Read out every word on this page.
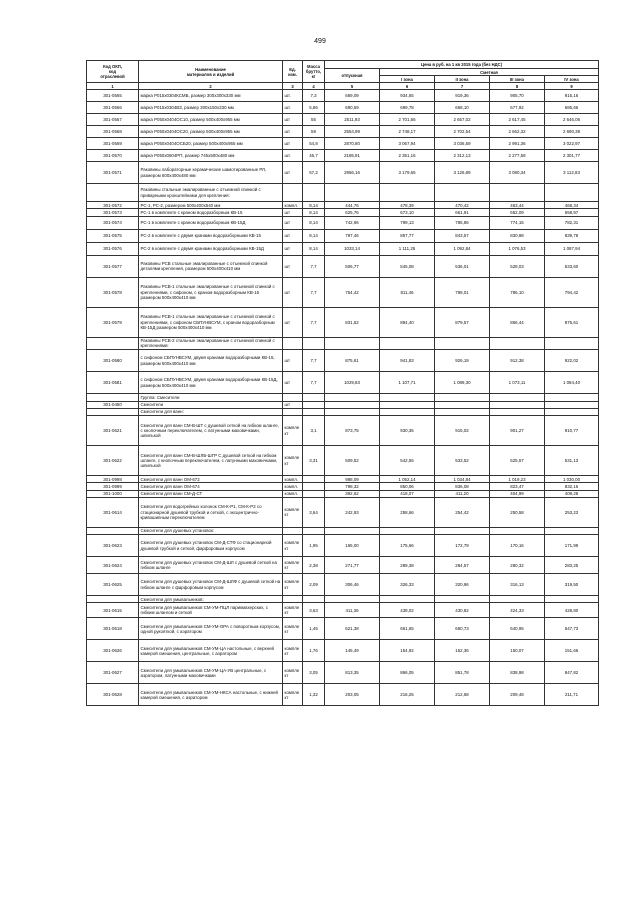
499
Код ОКП,
код
отраслевой	Наименование
материалов и изделий	Ед.
изм.	Масса
брутто,
кг	Цена в руб. на 1 кв 2015 года (без НДС)				
				отпускная	Сметная			
					I зона	II зона	III зона	IV зона
1	2	3	4	5	6	7	8	9
301-0565	марка Р015х0304КСМБ, размер 300х300х330 мм	шт.	7,3	669,09	934,65	919,36	905,70	915,16
301-0566	марка Р015х0304ВЗ, размер 300х150х330 мм	шт.	5,86	690,59	699,78	668,10	677,92	685,66
301-0567	марка Р050х0404ОС10, размер 500х400х955 мм	шт	55	2511,93	2 701,66	2 657,02	2 617,45	2 646,06
301-0568	марка Р050х0404ОС20, размер 500х400х955 мм	шт	59	2554,99	2 748,17	2 702,54	2 662,32	2 690,39
301-0569	марка Р050х0404ОСБ20, размер 500х400х955 мм	шт	54,8	2870,80	3 067,94	3 036,59	2 991,36	3 022,97
301-0570	марка Р050х0604РП, размер 745х500х480 мм	шт.	46,7	2185,91	2 351,16	2 312,13	2 277,58	2 301,77
301-0571	Раковины лабораторные керамические шамотированные РЛ, размером 600х400х480 мм	шт	57,2	2956,16	3 179,65	3 126,89	3 080,34	3 112,83
	Раковины стальные эмалированные с отъемной спинкой с приварными кронштейнами для крепления:							
301-0572	РС-1, РС-2, размером 500х400х540 мм	компл.	8,14	444,76	478,39	470,42	463,44	468,34
301-0573	РС-1 в комплекте с краном водоразборным КВ-15	шт	8,14	625,76	673,10	661,91	652,09	658,97
301-0574	РС-1 в комплекте с краном водоразборным КВ-15Д	шт	8,14	742,96	799,13	785,86	774,15	782,31
301-0575	РС-2 в комплекте с двумя кранами водоразборными КВ-15	шт	8,14	797,46	857,77	843,57	830,98	839,78
301-0576	РС-2 в комплекте с двумя кранами водоразборными КВ-15Д	шт	8,14	1033,14	1 111,25	1 092,84	1 076,53	1 087,94
301-0577	Раковины РСВ стальные эмалированные с отъемной спинкой деталями крепления, размером 500х400х410 мм	шт	7,7	506,77	545,08	536,01	528,03	533,60
301-0578	Раковины РСВ-1 стальные эмалированные с отъемной спинкой с креплениями, с сифоном, с краном водоразборным КВ-15 размером 500х400х410 мм	шт	7,7	754,42	811,46	798,01	786,10	794,42
301-0579	Раковины РСВ-1 стальные эмалированные с отъемной спинкой с креплениями, с сифоном СБПУНВСУМ, с краном водоразборным КВ-15Д размером 500х400х410 мм	шт	7,7	831,52	894,40	879,57	866,44	875,61
	Раковины РСВ-2 стальные эмалированные с отъемной спинкой с креплениями:							
301-0580	с сифоном СБПУНВСУМ, двумя кранами водоразборными КВ-15, размером 500х400х410 мм	шт	7,7	875,61	941,83	926,19	912,38	922,02
301-0581	с сифоном СБПУНВСУМ, двумя кранами водоразборными КВ-15Д, размером 500х400х410 мм	шт	7,7	1029,83	1 107,71	1 089,30	1 073,11	1 084,40
	Группа: Смесители							
301-0450	Смесители	шт						
	Смесители для ванн:							
301-0621	Смесители для ванн СМ-В-ШТ с душевой сеткой на гибком шланге, с кнопочным переключателем, с латунными маховичками, шпилькой	компле кт	3,1	873,75	930,35	915,02	901,27	910,77
301-0622	Смесители для ванн СМ-В-ШЛБ-ШГР С душевой сеткой на гибком шланге, с кнопочным переключателем, с латунными маховичками, шпилькой	компле кт	3,31	509,52	542,55	533,52	525,57	531,13
301-0998	Смесители для ванн ОМ-672	компл.		988,09	1 052,14	1 034,84	1 019,23	1 030,00
301-0999	Смесители для ванн ОМ-674	компл.		798,32	850,06	836,08	823,47	832,16
301-1000	Смесители для ванн СМ-Д-СТ	компл.		392,62	418,07	411,20	404,99	409,28
301-0614	Смесители для водогрейных колонок СМ-К-Р1, СМ-К-Р2 со стационарной душевой трубкой и сеткой, с эксцентрично-кривошипным переключателем	компле кт	3,64	242,93	258,66	254,42	250,58	253,23
	Смесители для душевых установок:							
301-0623	Смесители для душевых установок СМ-Д-СТФ со стационарной душевой трубкой и сеткой, фарфоровым корпусом	компле кт	1,95	165,00	175,66	172,79	170,16	171,99
301-0624	Смесители для душевых установок СМ-Д-ШЛ с душевой сеткой на гибком шланге	компле кт	2,38	271,77	289,38	284,57	280,32	283,25
301-0625	Смесители для душевых установок СМ-Д-ШЛФ с душевой сеткой на гибком шланге с фарфоровым корпусом	компле кт	2,09	306,46	326,33	320,96	316,13	319,50
	Смесители для умывальников:							
301-0615	Смесители для умывальников СМ-УМ-ПЦЛ парикмахерских, с гибким шлангом и сеткой	компле кт	3,63	411,36	438,02	430,82	424,33	428,80
301-0618	Смесители для умывальников СМ-УМ-ОРА с поворотным корпусом, одной рукояткой, с аэратором	компле кт	1,45	621,38	661,65	650,73	640,95	647,73
301-0626	Смесители для умывальников СМ-УМ-ЦА настольные, с верхней камерой смешения, центральные, с аэратором	компле кт	1,76	145,49	154,92	152,36	150,07	151,66
301-0627	Смесители для умывальников СМ-УМ-ЦА-УВ центральные, с аэратором, латунными маховичками	компле кт	3,05	813,35	866,05	851,78	838,98	847,82
301-0628	Смесители для умывальников СМ-УМ-НКСА настольные, с нижней камерой смешения, с аэратором	компле кт	1,32	203,05	216,25	212,68	209,48	211,71
